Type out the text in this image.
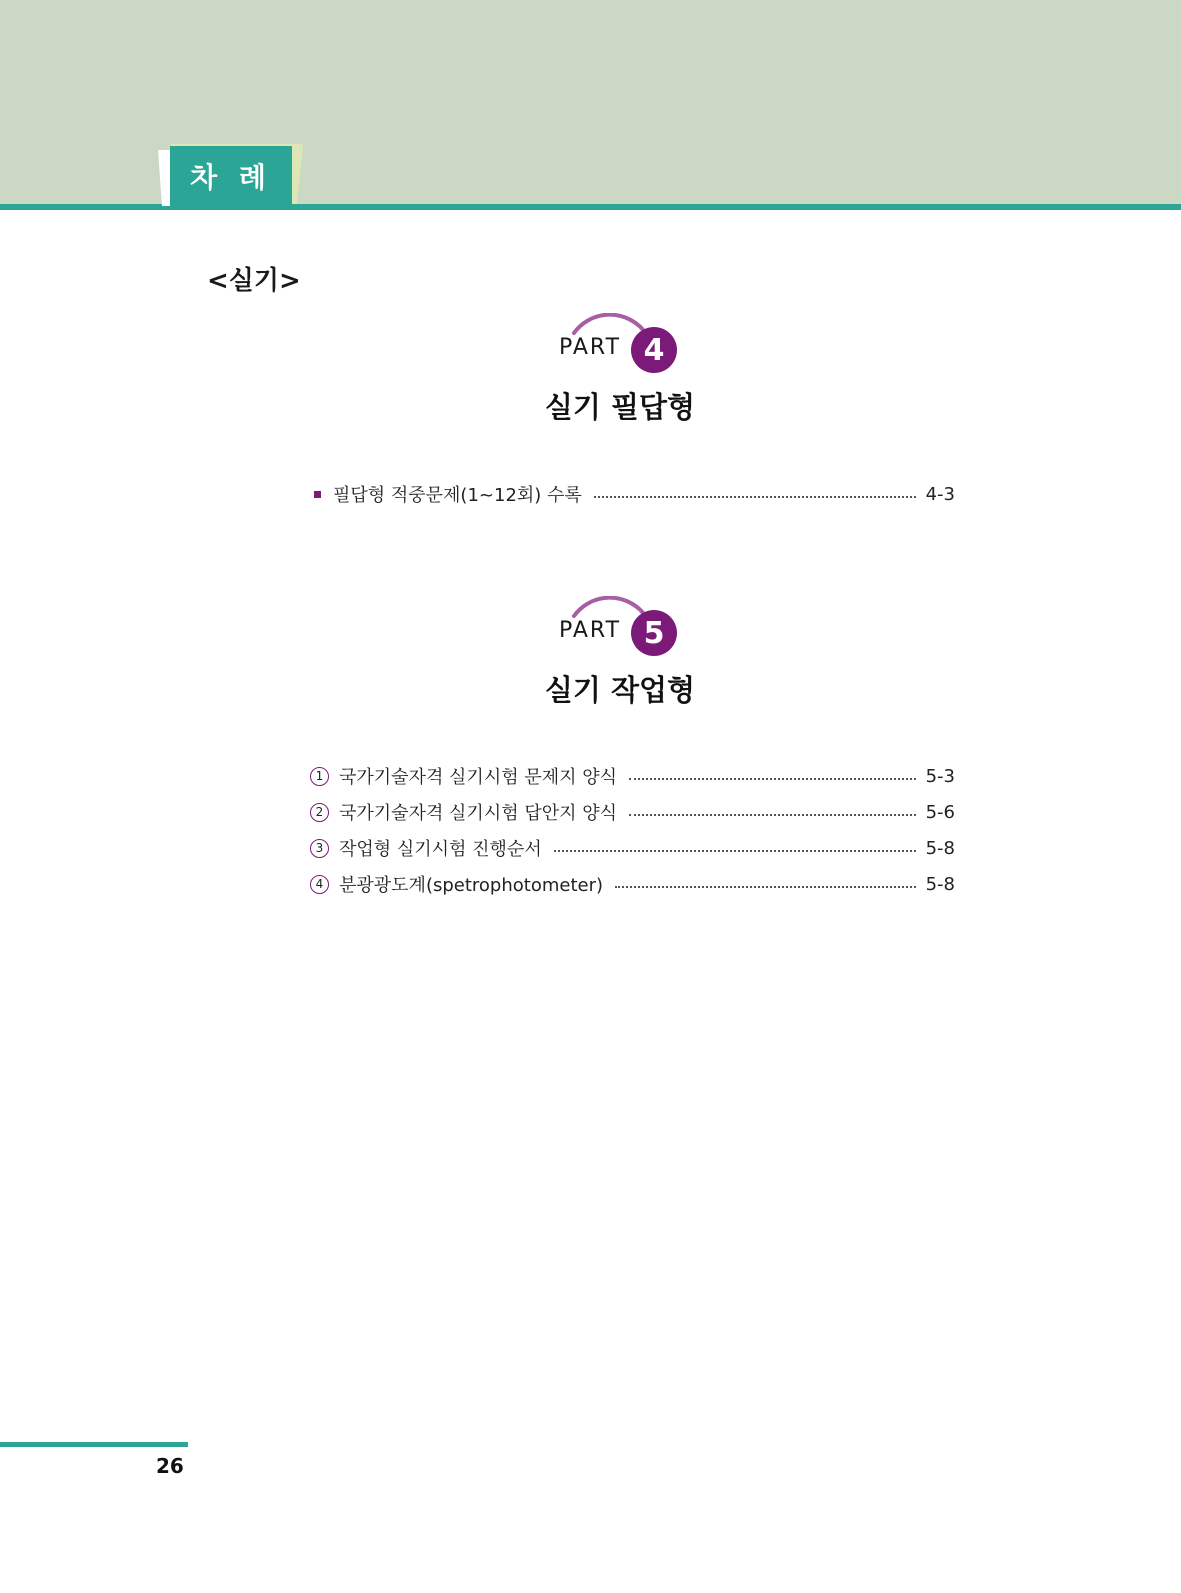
차 례
<실기>
PART 4
실기 필답형
필답형 적중문제(1~12회) 수록	4-3
PART 5
실기 작업형
1 국가기술자격 실기시험 문제지 양식	5-3
2 국가기술자격 실기시험 답안지 양식	5-6
3 작업형 실기시험 진행순서	5-8
4 분광광도계(spetrophotometer)	5-8
26
